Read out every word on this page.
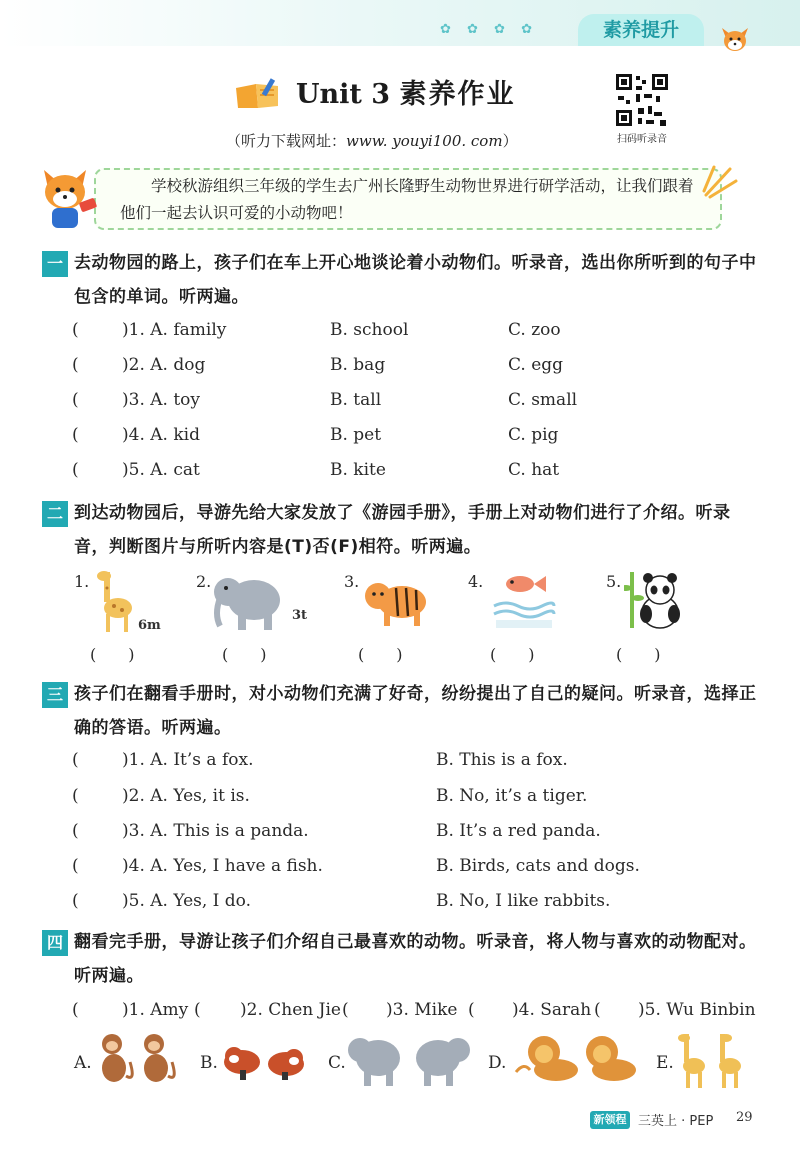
✿ ✿ ✿ ✿	素养提升
Unit 3 素养作业
（听力下载网址：www. youyi100. com）	扫码听录音
学校秋游组织三年级的学生去广州长隆野生动物世界进行研学活动，让我们跟着他们一起去认识可爱的小动物吧！
一 去动物园的路上，孩子们在车上开心地谈论着小动物们。听录音，选出你所听到的句子中包含的单词。听两遍。
(	)1. A. family	B. school	C. zoo
(	)2. A. dog	B. bag	C. egg
(	)3. A. toy	B. tall	C. small
(	)4. A. kid	B. pet	C. pig
(	)5. A. cat	B. kite	C. hat
二 到达动物园后，导游先给大家发放了《游园手册》，手册上对动物们进行了介绍。听录音，判断图片与所听内容是(T)否(F)相符。听两遍。
1.
6m
2.
3t
3.	4.	5.
(　　)	(　　)	(　　)	(　　)	(　　)
三 孩子们在翻看手册时，对小动物们充满了好奇，纷纷提出了自己的疑问。听录音，选择正确的答语。听两遍。
(	)1. A. It’s a fox.	B. This is a fox.
(	)2. A. Yes, it is.	B. No, it’s a tiger.
(	)3. A. This is a panda.	B. It’s a red panda.
(	)4. A. Yes, I have a fish.	B. Birds, cats and dogs.
(	)5. A. Yes, I do.	B. No, I like rabbits.
四 翻看完手册，导游让孩子们介绍自己最喜欢的动物。听录音，将人物与喜欢的动物配对。听两遍。
(	)1. Amy ( )2. Chen Jie ( )3. Mike ( )4. Sarah ( )5. Wu Binbin
A.	B.	C.	D.	E.
新领程 三英上 · PEP 29
